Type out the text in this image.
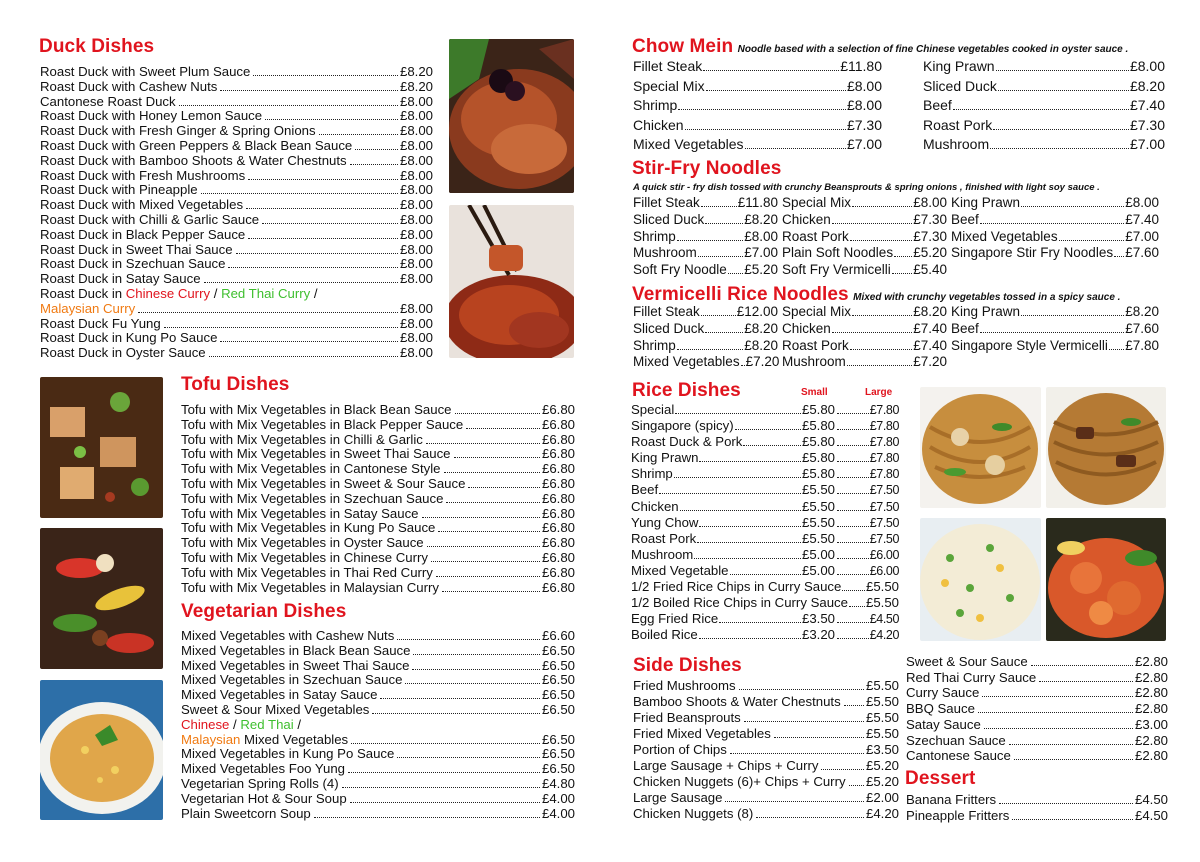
Duck Dishes
Roast Duck with Sweet Plum Sauce	£8.20
Roast Duck with Cashew Nuts	£8.20
Cantonese Roast Duck	£8.00
Roast Duck with Honey Lemon Sauce	£8.00
Roast Duck with Fresh Ginger & Spring Onions	£8.00
Roast Duck with Green Peppers & Black Bean Sauce	£8.00
Roast Duck with Bamboo Shoots & Water Chestnuts	£8.00
Roast Duck with Fresh Mushrooms	£8.00
Roast Duck with Pineapple	£8.00
Roast Duck with Mixed Vegetables	£8.00
Roast Duck with Chilli & Garlic Sauce	£8.00
Roast Duck in Black Pepper Sauce	£8.00
Roast Duck in Sweet Thai Sauce	£8.00
Roast Duck in Szechuan Sauce	£8.00
Roast Duck in Satay Sauce	£8.00
Roast Duck in Chinese Curry / Red Thai Curry /
Malaysian Curry	£8.00
Roast Duck Fu Yung	£8.00
Roast Duck in Kung Po Sauce	£8.00
Roast Duck in Oyster Sauce	£8.00
Tofu Dishes
Tofu with Mix Vegetables in Black Bean Sauce	£6.80
Tofu with Mix Vegetables in Black Pepper Sauce	£6.80
Tofu with Mix Vegetables in Chilli & Garlic	£6.80
Tofu with Mix Vegetables in Sweet Thai Sauce	£6.80
Tofu with Mix Vegetables in Cantonese Style	£6.80
Tofu with Mix Vegetables in Sweet & Sour Sauce	£6.80
Tofu with Mix Vegetables in Szechuan Sauce	£6.80
Tofu with Mix Vegetables in Satay Sauce	£6.80
Tofu with Mix Vegetables in Kung Po Sauce	£6.80
Tofu with Mix Vegetables in Oyster Sauce	£6.80
Tofu with Mix Vegetables in Chinese Curry	£6.80
Tofu with Mix Vegetables in Thai Red Curry	£6.80
Tofu with Mix Vegetables in Malaysian Curry	£6.80
Vegetarian Dishes
Mixed Vegetables with Cashew Nuts	£6.60
Mixed Vegetables in Black Bean Sauce	£6.50
Mixed Vegetables in Sweet Thai Sauce	£6.50
Mixed Vegetables in Szechuan Sauce	£6.50
Mixed Vegetables in Satay Sauce	£6.50
Sweet & Sour Mixed Vegetables	£6.50
Chinese / Red Thai /
Malaysian Mixed Vegetables	£6.50
Mixed Vegetables in Kung Po Sauce	£6.50
Mixed Vegetables Foo Yung	£6.50
Vegetarian Spring Rolls (4)	£4.80
Vegetarian Hot & Sour Soup	£4.00
Plain Sweetcorn Soup	£4.00
Chow Mein Noodle based with a selection of fine Chinese vegetables cooked in oyster sauce .
Fillet Steak	£11.80	King Prawn	£8.00
Special Mix	£8.00	Sliced Duck	£8.20
Shrimp	£8.00	Beef	£7.40
Chicken	£7.30	Roast Pork	£7.30
Mixed Vegetables	£7.00	Mushroom	£7.00
Stir-Fry Noodles
A quick stir - fry dish tossed with crunchy Beansprouts & spring onions , finished with light soy sauce .
Fillet Steak	£11.80 Special Mix	£8.00 King Prawn	£8.00
Sliced Duck	£8.20 Chicken	£7.30 Beef	£7.40
Shrimp	£8.00 Roast Pork	£7.30 Mixed Vegetables	£7.00
Mushroom	£7.00 Plain Soft Noodles £5.20 Singapore Stir Fry Noodles £7.60
Soft Fry Noodle £5.20 Soft Fry Vermicelli £5.40
Vermicelli Rice Noodles Mixed with crunchy vegetables tossed in a spicy sauce .
Fillet Steak	£12.00 Special Mix	£8.20 King Prawn	£8.20
Sliced Duck	£8.20 Chicken	£7.40 Beef	£7.60
Shrimp	£8.20 Roast Pork	£7.40 Singapore Style Vermicelli £7.80
Mixed Vegetables £7.20 Mushroom	£7.20
Rice Dishes	Small	Large
Special	£5.80	£7.80
Singapore (spicy)	£5.80	£7.80
Roast Duck & Pork	£5.80	£7.80
King Prawn	£5.80	£7.80
Shrimp	£5.80	£7.80
Beef	£5.50	£7.50
Chicken	£5.50	£7.50
Yung Chow	£5.50	£7.50
Roast Pork	£5.50	£7.50
Mushroom	£5.00	£6.00
Mixed Vegetable	£5.00	£6.00
1/2 Fried Rice Chips in Curry Sauce £5.50
1/2 Boiled Rice Chips in Curry Sauce £5.50
Egg Fried Rice	£3.50	£4.50
Boiled Rice	£3.20	£4.20
Side Dishes
Fried Mushrooms	£5.50
Bamboo Shoots & Water Chestnuts £5.50
Fried Beansprouts	£5.50
Fried Mixed Vegetables	£5.50
Portion of Chips	£3.50
Large Sausage + Chips + Curry	£5.20
Chicken Nuggets (6)+ Chips + Curry £5.20
Large Sausage	£2.00
Chicken Nuggets (8)	£4.20
Sweet & Sour Sauce	£2.80
Red Thai Curry Sauce	£2.80
Curry Sauce	£2.80
BBQ Sauce	£2.80
Satay Sauce	£3.00
Szechuan Sauce	£2.80
Cantonese Sauce	£2.80
Dessert
Banana Fritters	£4.50
Pineapple Fritters	£4.50
